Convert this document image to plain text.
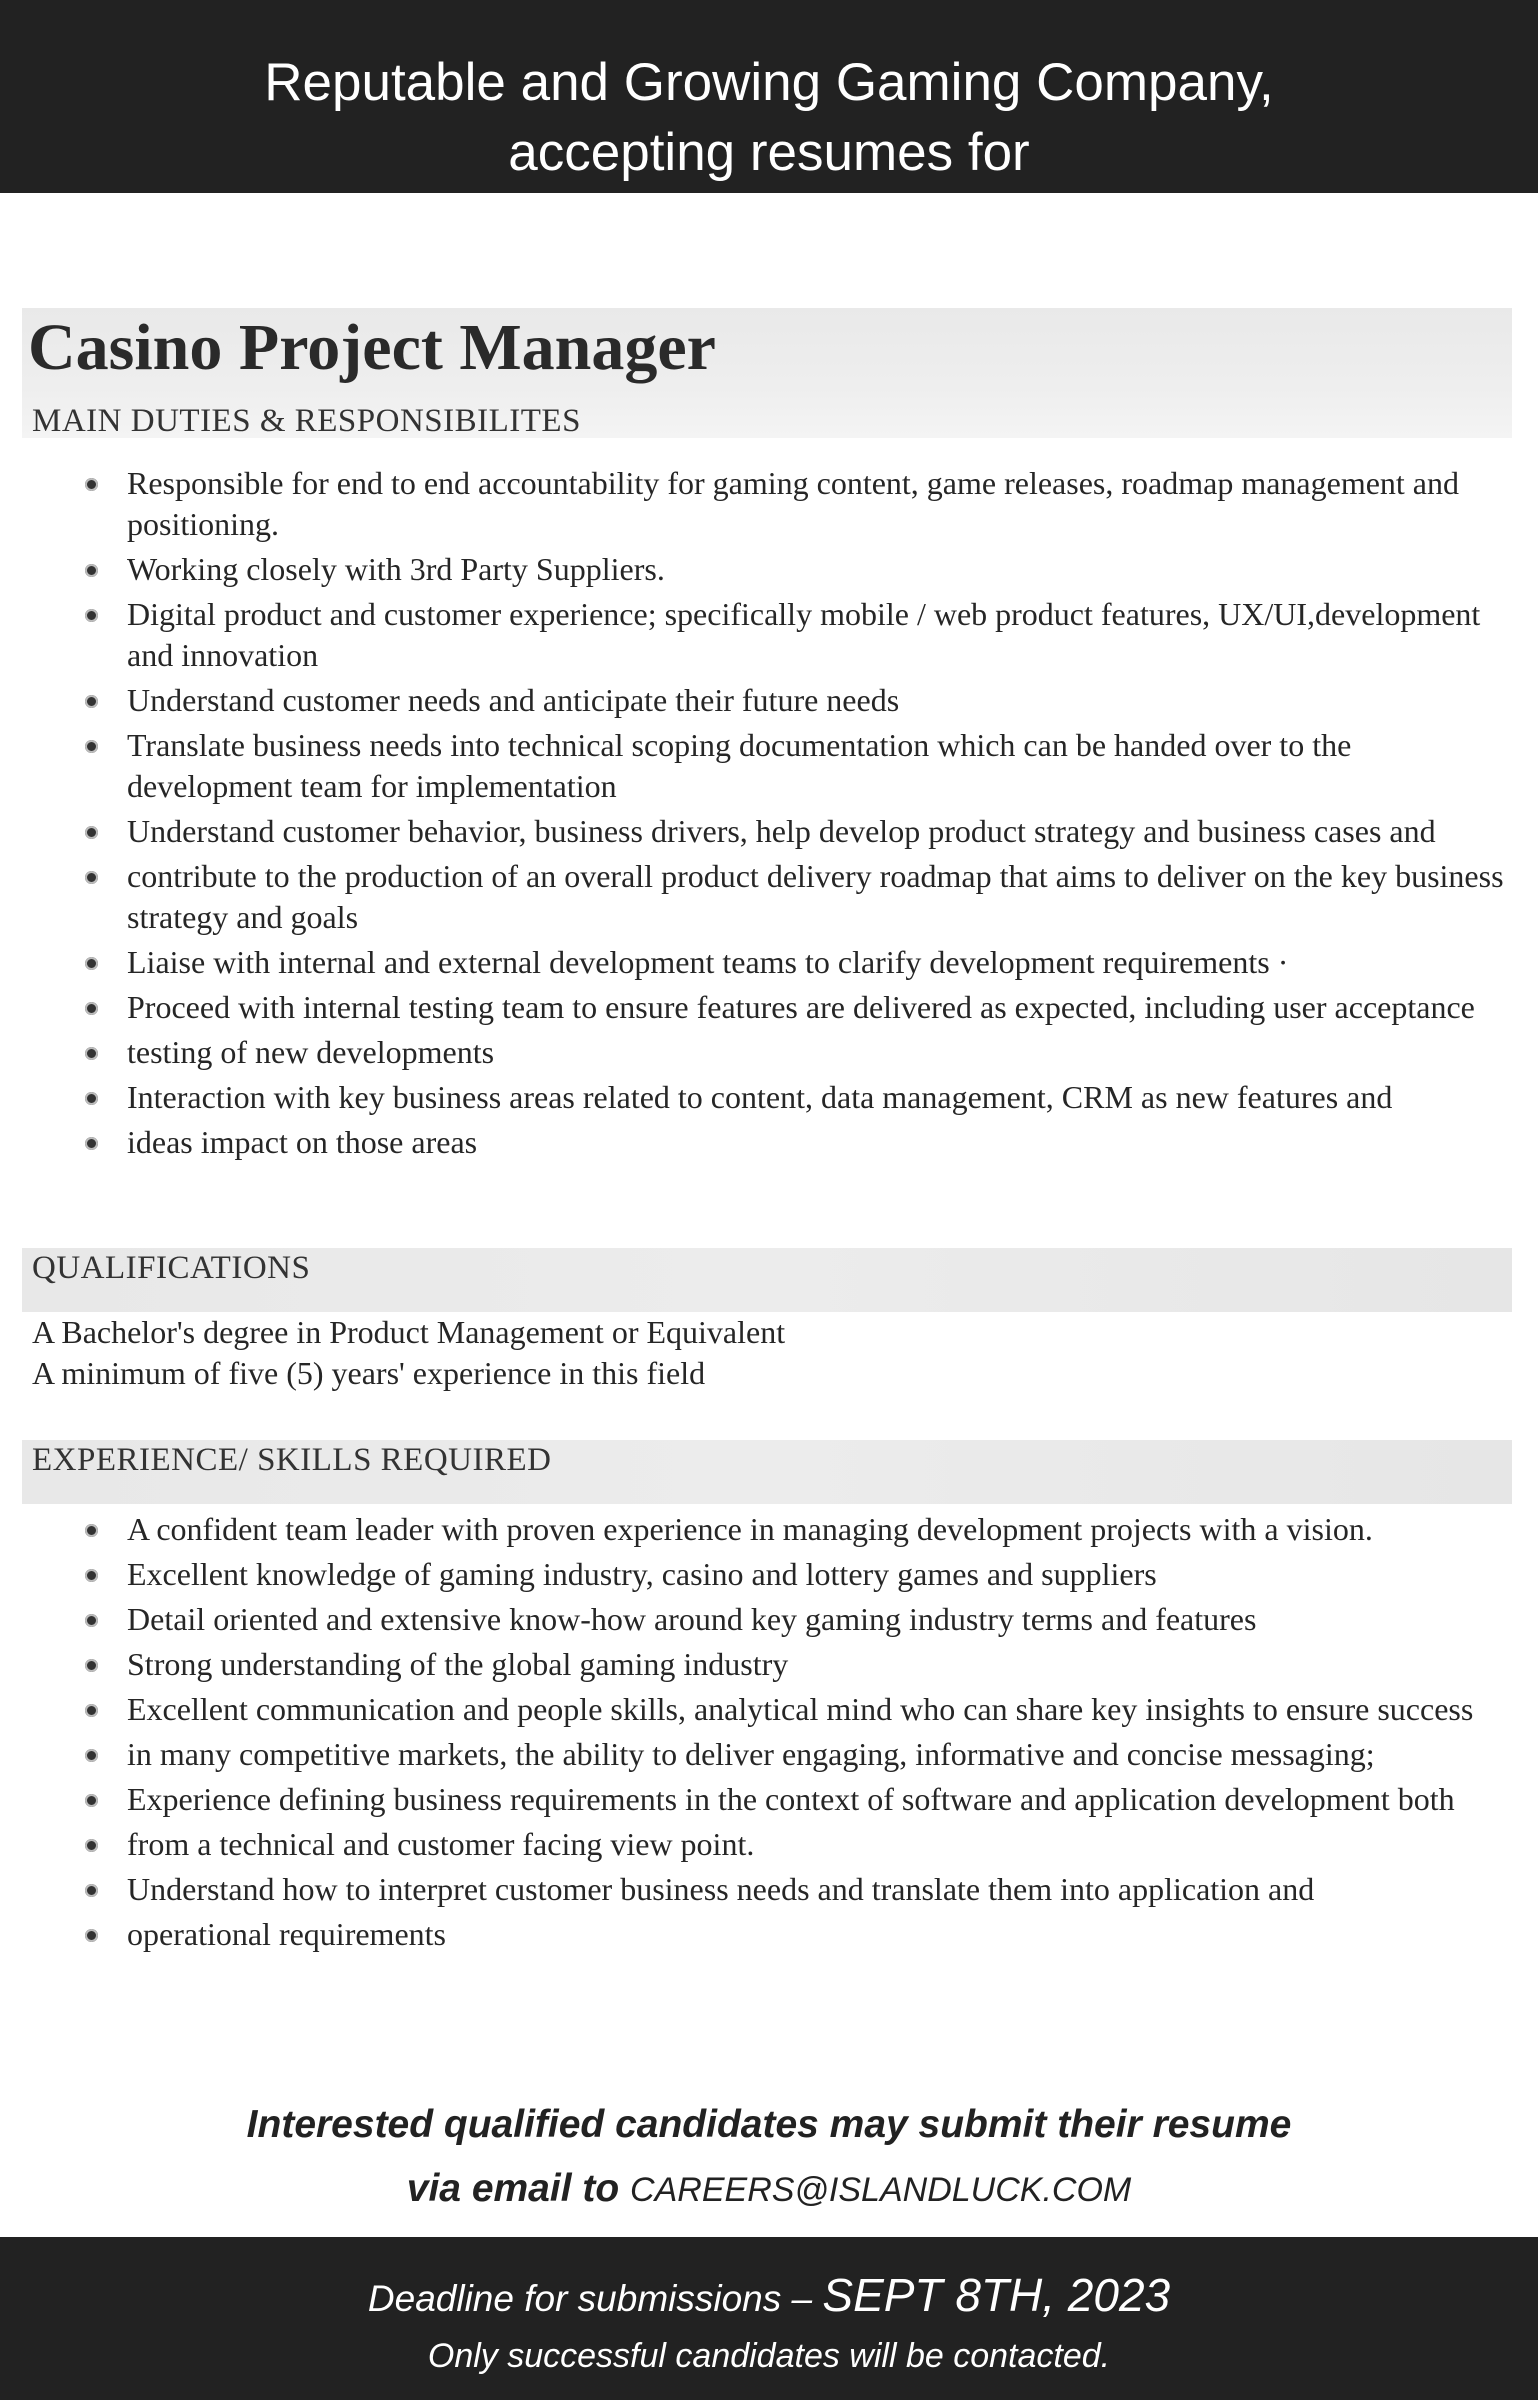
Reputable and Growing Gaming Company,
accepting resumes for
Casino Project Manager
MAIN DUTIES & RESPONSIBILITES
Responsible for end to end accountability for gaming content, game releases, roadmap management and positioning.
Working closely with 3rd Party Suppliers.
Digital product and customer experience; specifically mobile / web product features, UX/UI,development and innovation
Understand customer needs and anticipate their future needs
Translate business needs into technical scoping documentation which can be handed over to the development team for implementation
Understand customer behavior, business drivers, help develop product strategy and business cases and
contribute to the production of an overall product delivery roadmap that aims to deliver on the key business strategy and goals
Liaise with internal and external development teams to clarify development requirements ·
Proceed with internal testing team to ensure features are delivered as expected, including user acceptance
testing of new developments
Interaction with key business areas related to content, data management, CRM as new features and
ideas impact on those areas
QUALIFICATIONS
A Bachelor's degree in Product Management or Equivalent
A minimum of five (5) years' experience in this field
EXPERIENCE/ SKILLS REQUIRED
A confident team leader with proven experience in managing development projects with a vision.
Excellent knowledge of gaming industry, casino and lottery games and suppliers
Detail oriented and extensive know-how around key gaming industry terms and features
Strong understanding of the global gaming industry
Excellent communication and people skills, analytical mind who can share key insights to ensure success
in many competitive markets, the ability to deliver engaging, informative and concise messaging;
Experience defining business requirements in the context of software and application development both
from a technical and customer facing view point.
Understand how to interpret customer business needs and translate them into application and
operational requirements
Interested qualified candidates may submit their resume
via email to CAREERS@ISLANDLUCK.COM
Deadline for submissions – SEPT 8TH, 2023
Only successful candidates will be contacted.
